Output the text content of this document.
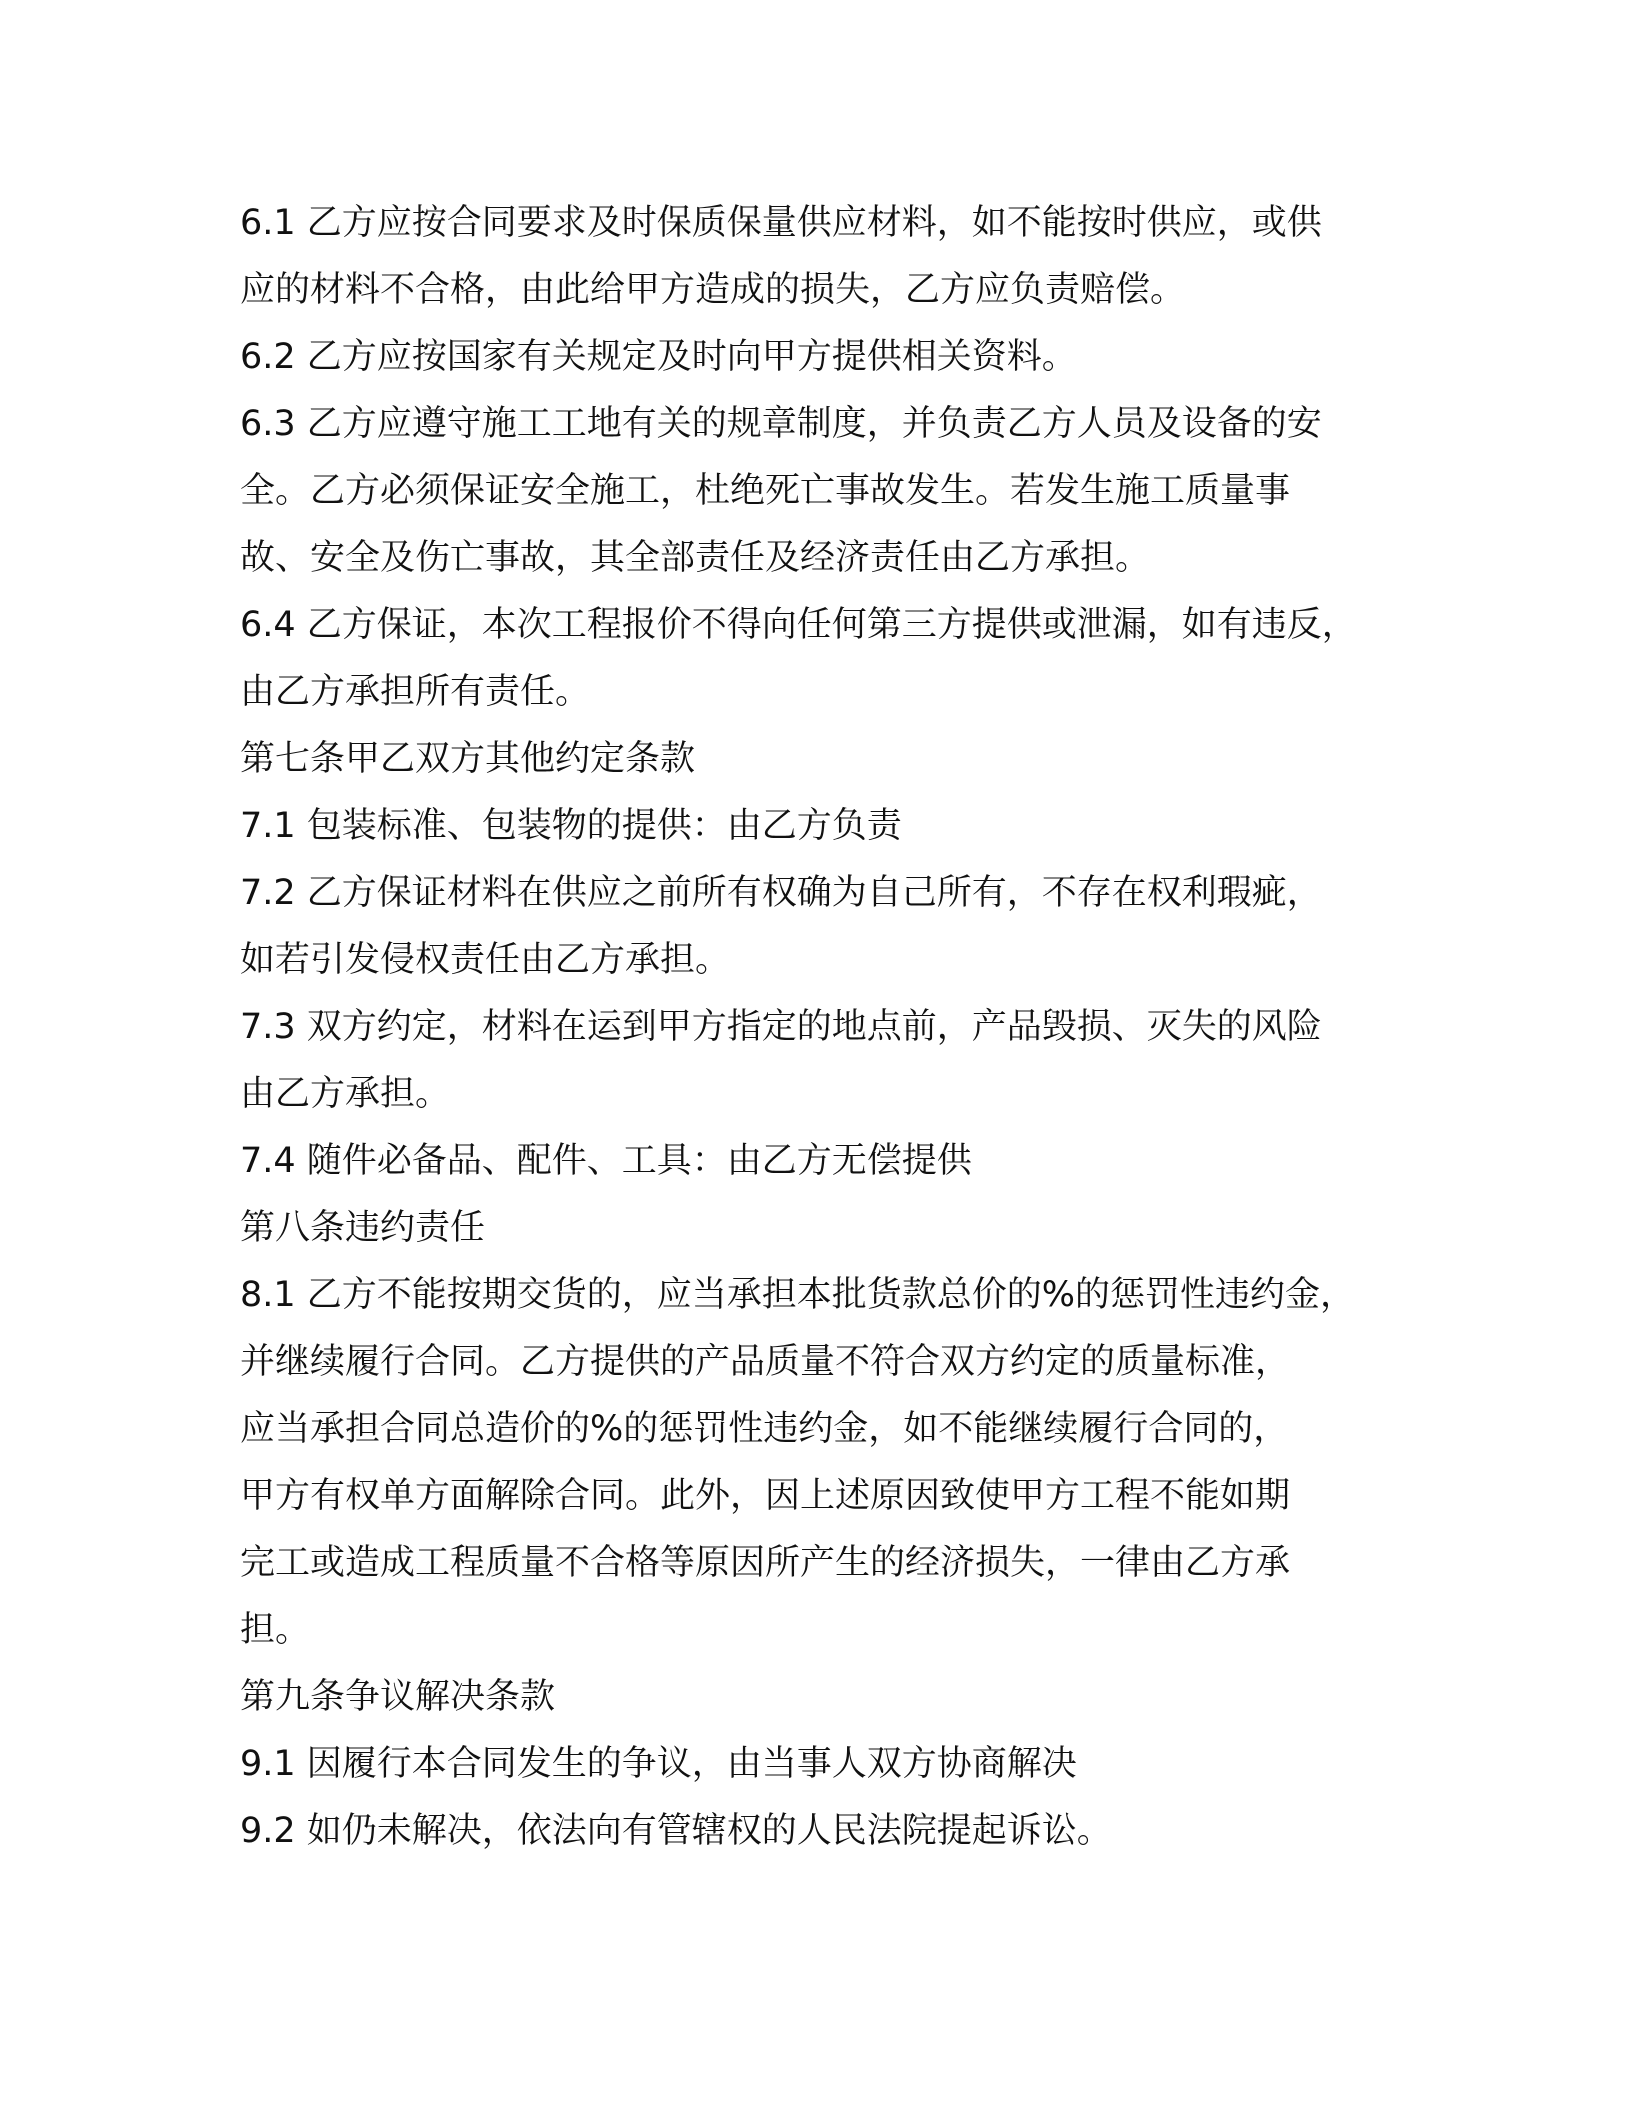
6.1 乙方应按合同要求及时保质保量供应材料，如不能按时供应，或供
应的材料不合格，由此给甲方造成的损失，乙方应负责赔偿。
6.2 乙方应按国家有关规定及时向甲方提供相关资料。
6.3 乙方应遵守施工工地有关的规章制度，并负责乙方人员及设备的安
全。乙方必须保证安全施工，杜绝死亡事故发生。若发生施工质量事
故、安全及伤亡事故，其全部责任及经济责任由乙方承担。
6.4 乙方保证，本次工程报价不得向任何第三方提供或泄漏，如有违反，
由乙方承担所有责任。
第七条甲乙双方其他约定条款
7.1 包装标准、包装物的提供：由乙方负责
7.2 乙方保证材料在供应之前所有权确为自己所有，不存在权利瑕疵，
如若引发侵权责任由乙方承担。
7.3 双方约定，材料在运到甲方指定的地点前，产品毁损、灭失的风险
由乙方承担。
7.4 随件必备品、配件、工具：由乙方无偿提供
第八条违约责任
8.1 乙方不能按期交货的，应当承担本批货款总价的%的惩罚性违约金，
并继续履行合同。乙方提供的产品质量不符合双方约定的质量标准，
应当承担合同总造价的%的惩罚性违约金，如不能继续履行合同的，
甲方有权单方面解除合同。此外，因上述原因致使甲方工程不能如期
完工或造成工程质量不合格等原因所产生的经济损失，一律由乙方承
担。
第九条争议解决条款
9.1 因履行本合同发生的争议，由当事人双方协商解决
9.2 如仍未解决，依法向有管辖权的人民法院提起诉讼。
